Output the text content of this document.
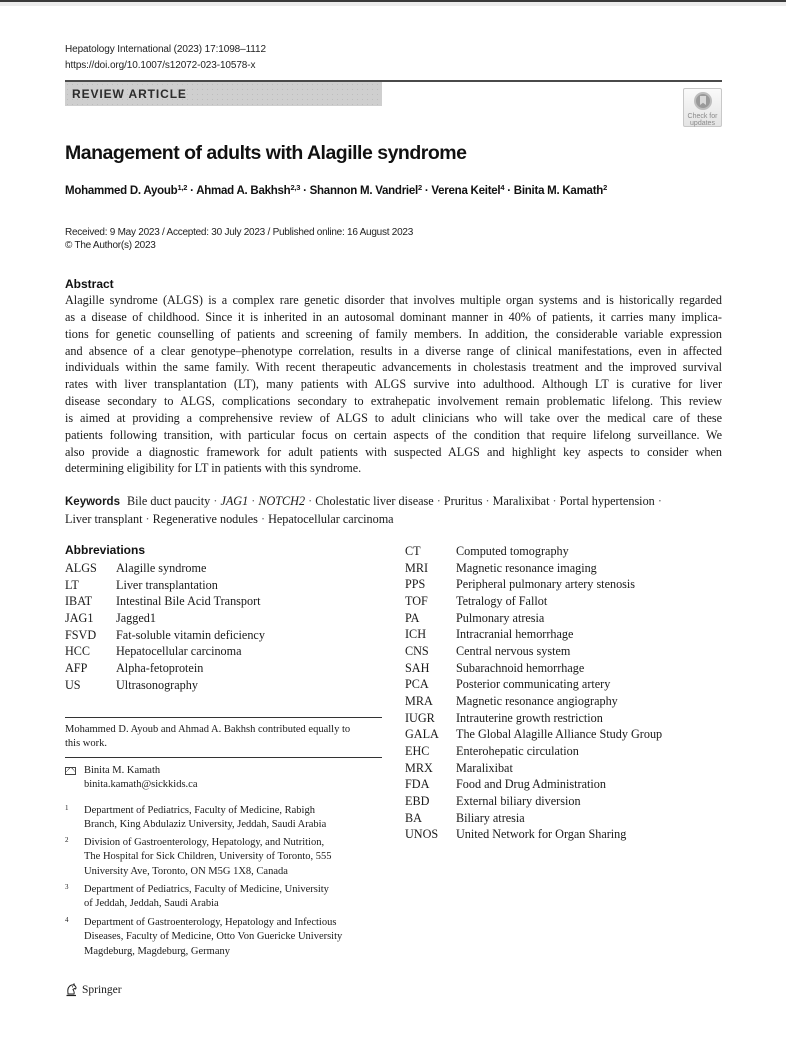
Hepatology International (2023) 17:1098–1112
https://doi.org/10.1007/s12072-023-10578-x
REVIEW ARTICLE
Check for
updates
Management of adults with Alagille syndrome
Mohammed D. Ayoub$^{1,2}$ · Ahmad A. Bakhsh$^{2,3}$ · Shannon M. Vandriel$^2$ · Verena Keitel$^4$ · Binita M. Kamath$^2$
Received: 9 May 2023 / Accepted: 30 July 2023 / Published online: 16 August 2023
© The Author(s) 2023
Abstract
Alagille syndrome (ALGS) is a complex rare genetic disorder that involves multiple organ systems and is historically regarded
as a disease of childhood. Since it is inherited in an autosomal dominant manner in 40% of patients, it carries many implica-
tions for genetic counselling of patients and screening of family members. In addition, the considerable variable expression
and absence of a clear genotype–phenotype correlation, results in a diverse range of clinical manifestations, even in affected
individuals within the same family. With recent therapeutic advancements in cholestasis treatment and the improved survival
rates with liver transplantation (LT), many patients with ALGS survive into adulthood. Although LT is curative for liver
disease secondary to ALGS, complications secondary to extrahepatic involvement remain problematic lifelong. This review
is aimed at providing a comprehensive review of ALGS to adult clinicians who will take over the medical care of these
patients following transition, with particular focus on certain aspects of the condition that require lifelong surveillance. We
also provide a diagnostic framework for adult patients with suspected ALGS and highlight key aspects to consider when
determining eligibility for LT in patients with this syndrome.
Keywords Bile duct paucity · JAG1 · NOTCH2 · Cholestatic liver disease · Pruritus · Maralixibat · Portal hypertension ·
Liver transplant · Regenerative nodules · Hepatocellular carcinoma
Abbreviations
ALGS	Alagille syndrome
LT	Liver transplantation
IBAT	Intestinal Bile Acid Transport
JAG1	Jagged1
FSVD	Fat-soluble vitamin deficiency
HCC	Hepatocellular carcinoma
AFP	Alpha-fetoprotein
US	Ultrasonography
CT	Computed tomography
MRI	Magnetic resonance imaging
PPS	Peripheral pulmonary artery stenosis
TOF	Tetralogy of Fallot
PA	Pulmonary atresia
ICH	Intracranial hemorrhage
CNS	Central nervous system
SAH	Subarachnoid hemorrhage
PCA	Posterior communicating artery
MRA	Magnetic resonance angiography
IUGR	Intrauterine growth restriction
GALA	The Global Alagille Alliance Study Group
EHC	Enterohepatic circulation
MRX	Maralixibat
FDA	Food and Drug Administration
EBD	External biliary diversion
BA	Biliary atresia
UNOS	United Network for Organ Sharing
Mohammed D. Ayoub and Ahmad A. Bakhsh contributed equally to
this work.
Binita M. Kamath
binita.kamath@sickkids.ca
1 Department of Pediatrics, Faculty of Medicine, Rabigh
Branch, King Abdulaziz University, Jeddah, Saudi Arabia
2 Division of Gastroenterology, Hepatology, and Nutrition,
The Hospital for Sick Children, University of Toronto, 555
University Ave, Toronto, ON M5G 1X8, Canada
3 Department of Pediatrics, Faculty of Medicine, University
of Jeddah, Jeddah, Saudi Arabia
4 Department of Gastroenterology, Hepatology and Infectious
Diseases, Faculty of Medicine, Otto Von Guericke University
Magdeburg, Magdeburg, Germany
Springer
